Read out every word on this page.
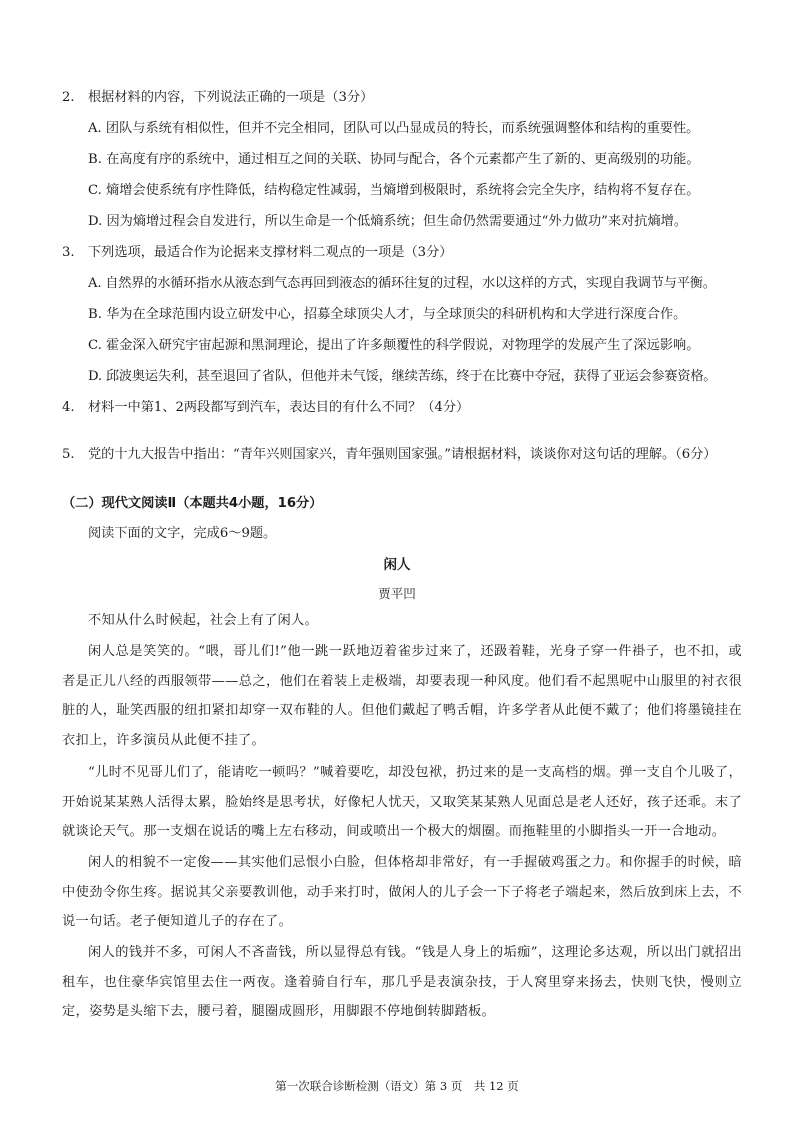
2. 根据材料的内容，下列说法正确的一项是（3分）
A. 团队与系统有相似性，但并不完全相同，团队可以凸显成员的特长，而系统强调整体和结构的重要性。
B. 在高度有序的系统中，通过相互之间的关联、协同与配合，各个元素都产生了新的、更高级别的功能。
C. 熵增会使系统有序性降低，结构稳定性减弱，当熵增到极限时，系统将会完全失序，结构将不复存在。
D. 因为熵增过程会自发进行，所以生命是一个低熵系统；但生命仍然需要通过“外力做功”来对抗熵增。
3. 下列选项，最适合作为论据来支撑材料二观点的一项是（3分）
A. 自然界的水循环指水从液态到气态再回到液态的循环往复的过程，水以这样的方式，实现自我调节与平衡。
B. 华为在全球范围内设立研发中心，招募全球顶尖人才，与全球顶尖的科研机构和大学进行深度合作。
C. 霍金深入研究宇宙起源和黑洞理论，提出了许多颠覆性的科学假说，对物理学的发展产生了深远影响。
D. 邱波奥运失利，甚至退回了省队，但他并未气馁，继续苦练，终于在比赛中夺冠，获得了亚运会参赛资格。
4. 材料一中第1、2两段都写到汽车，表达目的有什么不同？（4分）
5. 党的十九大报告中指出：“青年兴则国家兴，青年强则国家强。”请根据材料，谈谈你对这句话的理解。（6分）
（二）现代文阅读Ⅱ（本题共4小题，16分）
阅读下面的文字，完成6～9题。
闲人
贾平凹
不知从什么时候起，社会上有了闲人。
闲人总是笑笑的。“喂，哥儿们!”他一跳一跃地迈着雀步过来了，还趿着鞋，光身子穿一件褂子，也不扣，或者是正儿八经的西服领带——总之，他们在着装上走极端，却要表现一种风度。他们看不起黑呢中山服里的衬衣很脏的人，耻笑西服的纽扣紧扣却穿一双布鞋的人。但他们戴起了鸭舌帽，许多学者从此便不戴了；他们将墨镜挂在衣扣上，许多演员从此便不挂了。
“儿时不见哥儿们了，能请吃一顿吗？”喊着要吃，却没包袱，扔过来的是一支高档的烟。弹一支自个儿吸了，开始说某某熟人活得太累，脸始终是思考状，好像杞人忧天，又取笑某某熟人见面总是老人还好，孩子还乖。末了就谈论天气。那一支烟在说话的嘴上左右移动，间或喷出一个极大的烟圈。而拖鞋里的小脚指头一开一合地动。
闲人的相貌不一定俊——其实他们忌恨小白脸，但体格却非常好，有一手握破鸡蛋之力。和你握手的时候，暗中使劲令你生疼。据说其父亲要教训他，动手来打时，做闲人的儿子会一下子将老子端起来，然后放到床上去，不说一句话。老子便知道儿子的存在了。
闲人的钱并不多，可闲人不吝啬钱，所以显得总有钱。“钱是人身上的垢痂”，这理论多达观，所以出门就招出租车，也住豪华宾馆里去住一两夜。逢着骑自行车，那几乎是表演杂技，于人窝里穿来扬去，快则飞快，慢则立定，姿势是头缩下去，腰弓着，腿圈成圆形，用脚跟不停地倒转脚踏板。
第一次联合诊断检测（语文）第 3 页　共 12 页
